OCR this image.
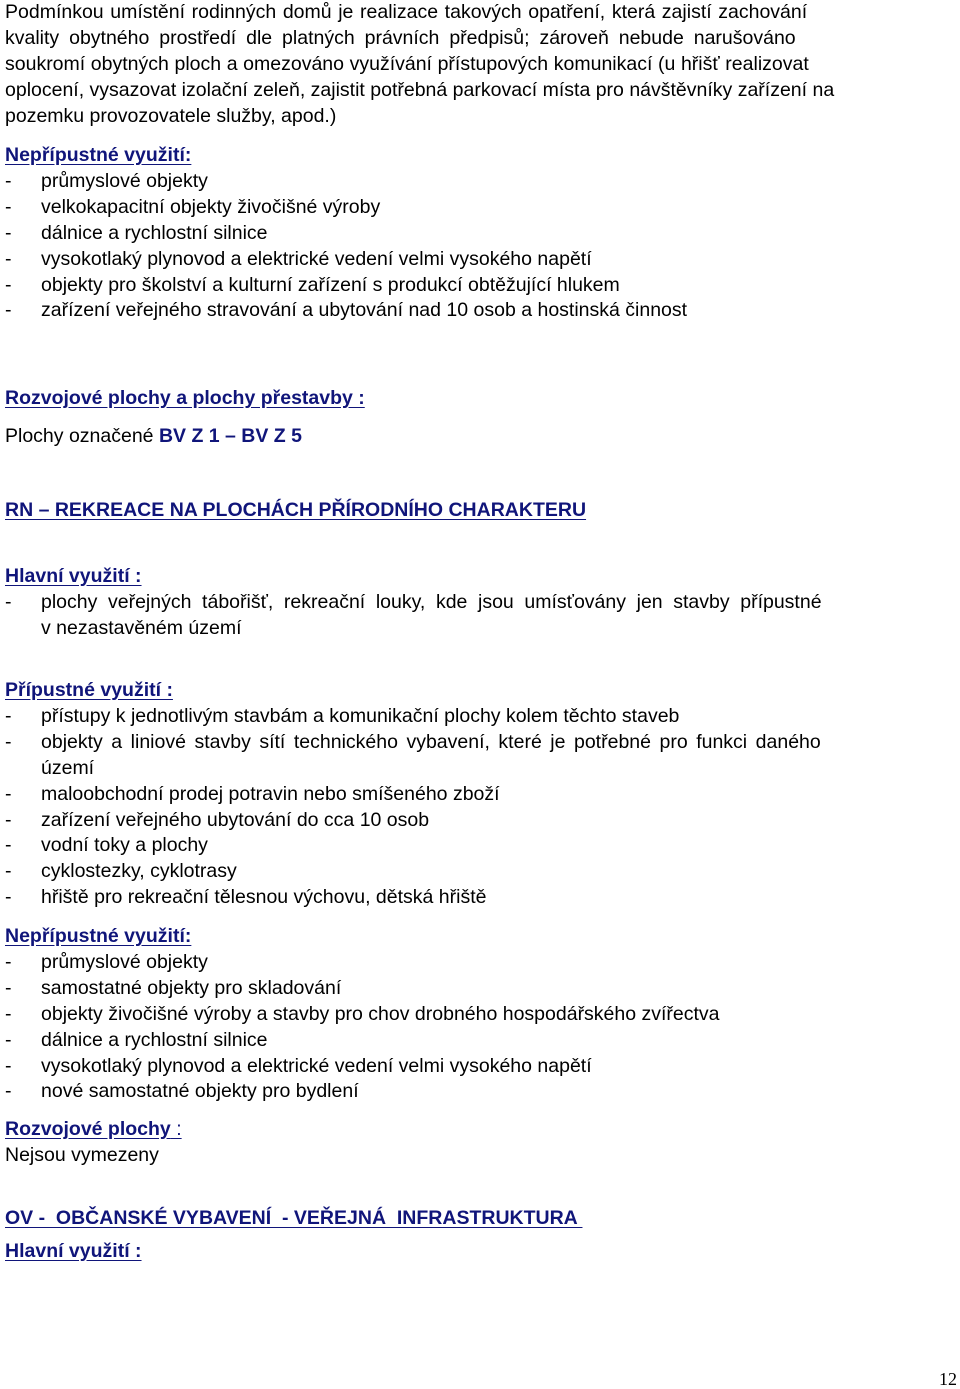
Podmínkou umístění rodinných domů je realizace takových opatření, která zajistí zachování

kvality obytného prostředí dle platných právních předpisů; zároveň nebude narušováno

soukromí obytných ploch a omezováno využívání přístupových komunikací (u hřišť realizovat

oplocení, vysazovat izolační zeleň, zajistit potřebná parkovací místa pro návštěvníky zařízení na

pozemku provozovatele služby, apod.)

Nepřípustné využití:

- průmyslové objekty
- velkokapacitní objekty živočišné výroby
- dálnice a rychlostní silnice
- vysokotlaký plynovod a elektrické vedení velmi vysokého napětí
- objekty pro školství a kulturní zařízení s produkcí obtěžující hlukem
- zařízení veřejného stravování a ubytování nad 10 osob a hostinská činnost

Rozvojové plochy a plochy přestavby :

Plochy označené BV Z 1 – BV Z 5

RN – REKREACE NA PLOCHÁCH PŘÍRODNÍHO CHARAKTERU

Hlavní využití :

- plochy veřejných tábořišť, rekreační louky, kde jsou umísťovány jen stavby přípustné
v nezastavěném území

Přípustné využití :

- přístupy k jednotlivým stavbám a komunikační plochy kolem těchto staveb
- objekty a liniové stavby sítí technického vybavení, které je potřebné pro funkci daného
území
- maloobchodní prodej potravin nebo smíšeného zboží
- zařízení veřejného ubytování do cca 10 osob
- vodní toky a plochy
- cyklostezky, cyklotrasy
- hřiště pro rekreační tělesnou výchovu, dětská hřiště

Nepřípustné využití:

- průmyslové objekty
- samostatné objekty pro skladování
- objekty živočišné výroby a stavby pro chov drobného hospodářského zvířectva
- dálnice a rychlostní silnice
- vysokotlaký plynovod a elektrické vedení velmi vysokého napětí
- nové samostatné objekty pro bydlení

Rozvojové plochy :

Nejsou vymezeny

OV -  OBČANSKÉ VYBAVENÍ  - VEŘEJNÁ  INFRASTRUKTURA

Hlavní využití :

12
